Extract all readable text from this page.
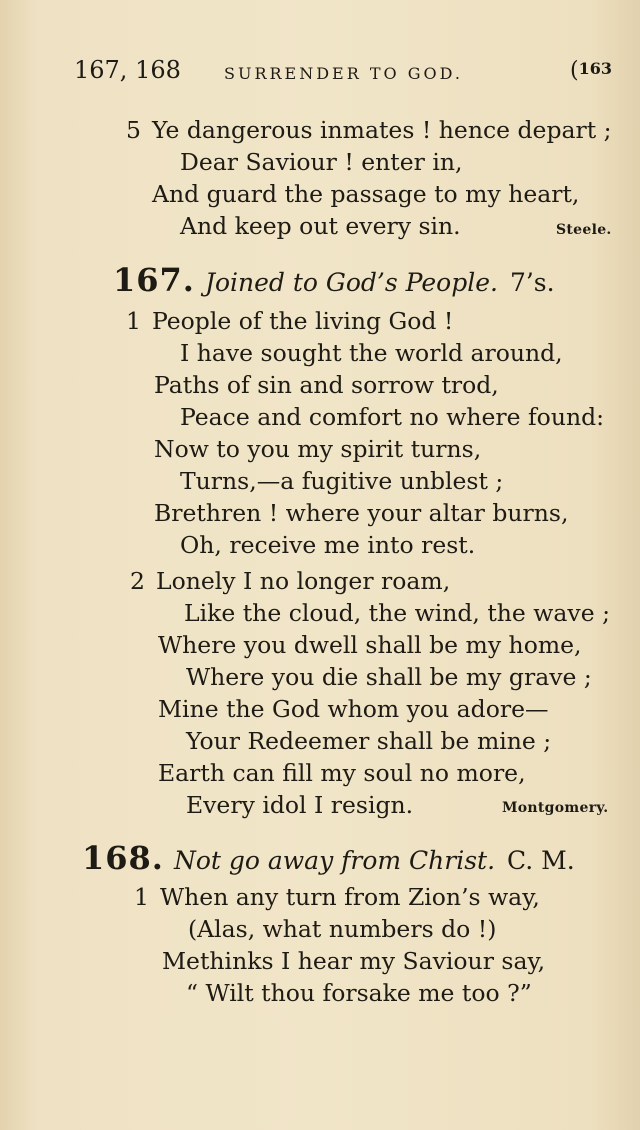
167, 168	SURRENDER TO GOD.	(163
5 Ye dangerous inmates ! hence depart ;
Dear Saviour ! enter in,
And guard the passage to my heart,
And keep out every sin.	Steele.
167. Joined to God’s People. 7’s.
1 People of the living God !
I have sought the world around,
Paths of sin and sorrow trod,
Peace and comfort no where found:
Now to you my spirit turns,
Turns,—a fugitive unblest ;
Brethren ! where your altar burns,
Oh, receive me into rest.
2 Lonely I no longer roam,
Like the cloud, the wind, the wave ;
Where you dwell shall be my home,
Where you die shall be my grave ;
Mine the God whom you adore—
Your Redeemer shall be mine ;
Earth can fill my soul no more,
Every idol I resign.	Montgomery.
168. Not go away from Christ. C. M.
1 When any turn from Zion’s way,
(Alas, what numbers do !)
Methinks I hear my Saviour say,
“ Wilt thou forsake me too ?”
